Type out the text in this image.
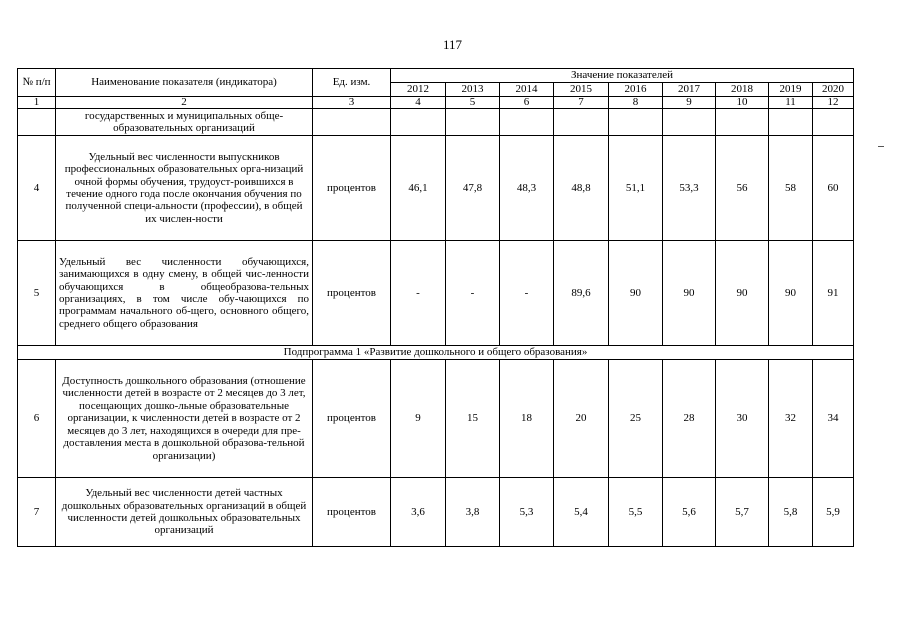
117
№ п/п	Наименование показателя (индикатора)	Ед. изм.	Значение показателей								
			2012	2013	2014	2015	2016	2017	2018	2019	2020
1	2	3	4	5	6	7	8	9	10	11	12
	государственных и муниципальных обще-образовательных организаций										
4	Удельный вес численности выпускников профессиональных образовательных орга-низаций очной формы обучения, трудоуст-роившихся в течение одного года после окончания обучения по полученной специ-альности (профессии), в общей их числен-ности	процентов	46,1	47,8	48,3	48,8	51,1	53,3	56	58	60
5	Удельный вес численности обучающихся, занимающихся в одну смену, в общей чис-ленности обучающихся в общеобразова-тельных организациях, в том числе обу-чающихся по программам начального об-щего, основного общего, среднего общего образования	процентов	-	-	-	89,6	90	90	90	90	91
Подпрограмма 1 «Развитие дошкольного и общего образования»											
6	Доступность дошкольного образования (отношение численности детей в возрасте от 2 месяцев до 3 лет, посещающих дошко-льные образовательные организации, к численности детей в возрасте от 2 месяцев до 3 лет, находящихся в очереди для пре-доставления места в дошкольной образова-тельной организации)	процентов	9	15	18	20	25	28	30	32	34
7	Удельный вес численности детей частных дошкольных образовательных организаций в общей численности детей дошкольных образовательных организаций	процентов	3,6	3,8	5,3	5,4	5,5	5,6	5,7	5,8	5,9
